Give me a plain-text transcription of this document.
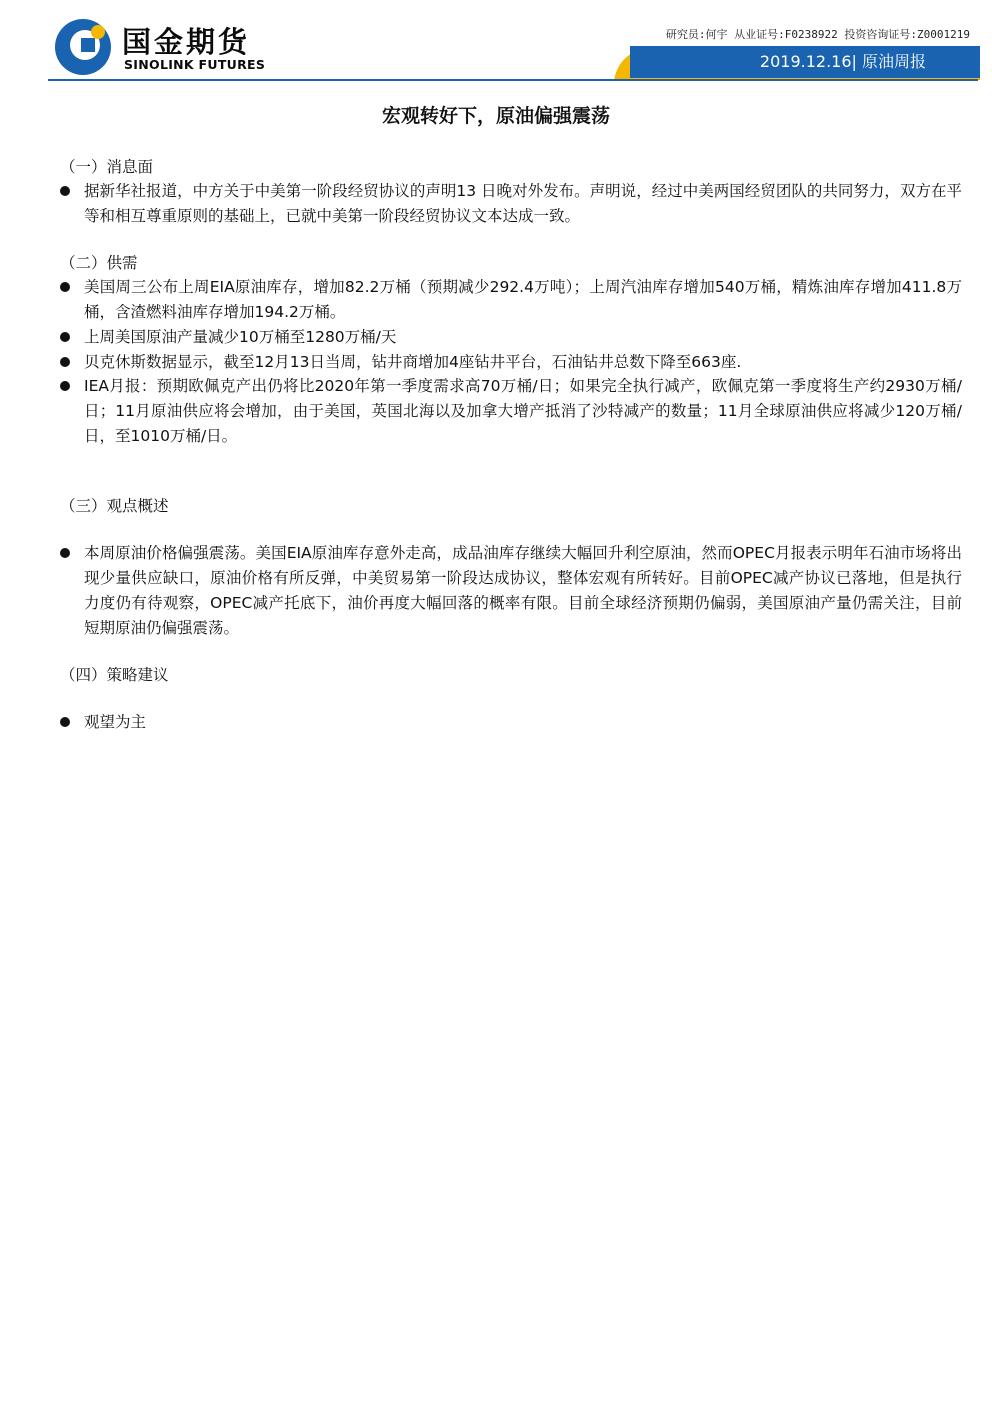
国金期货
SINOLINK FUTURES
研究员:何宇 从业证号:F0238922 投资咨询证号:Z0001219
2019.12.16| 原油周报
宏观转好下，原油偏强震荡
（一）消息面
据新华社报道，中方关于中美第一阶段经贸协议的声明13 日晚对外发布。声明说，经过中美两国经贸团队的共同努力，双方在平等和相互尊重原则的基础上，已就中美第一阶段经贸协议文本达成一致。
（二）供需
美国周三公布上周EIA原油库存，增加82.2万桶（预期减少292.4万吨）；上周汽油库存增加540万桶，精炼油库存增加411.8万桶，含渣燃料油库存增加194.2万桶。
上周美国原油产量减少10万桶至1280万桶/天
贝克休斯数据显示，截至12月13日当周，钻井商增加4座钻井平台，石油钻井总数下降至663座.
IEA月报：预期欧佩克产出仍将比2020年第一季度需求高70万桶/日；如果完全执行减产，欧佩克第一季度将生产约2930万桶/日；11月原油供应将会增加，由于美国，英国北海以及加拿大增产抵消了沙特减产的数量；11月全球原油供应将减少120万桶/日，至1010万桶/日。
（三）观点概述
本周原油价格偏强震荡。美国EIA原油库存意外走高，成品油库存继续大幅回升利空原油，然而OPEC月报表示明年石油市场将出现少量供应缺口，原油价格有所反弹，中美贸易第一阶段达成协议，整体宏观有所转好。目前OPEC减产协议已落地，但是执行力度仍有待观察，OPEC减产托底下，油价再度大幅回落的概率有限。目前全球经济预期仍偏弱，美国原油产量仍需关注，目前短期原油仍偏强震荡。
（四）策略建议
观望为主
